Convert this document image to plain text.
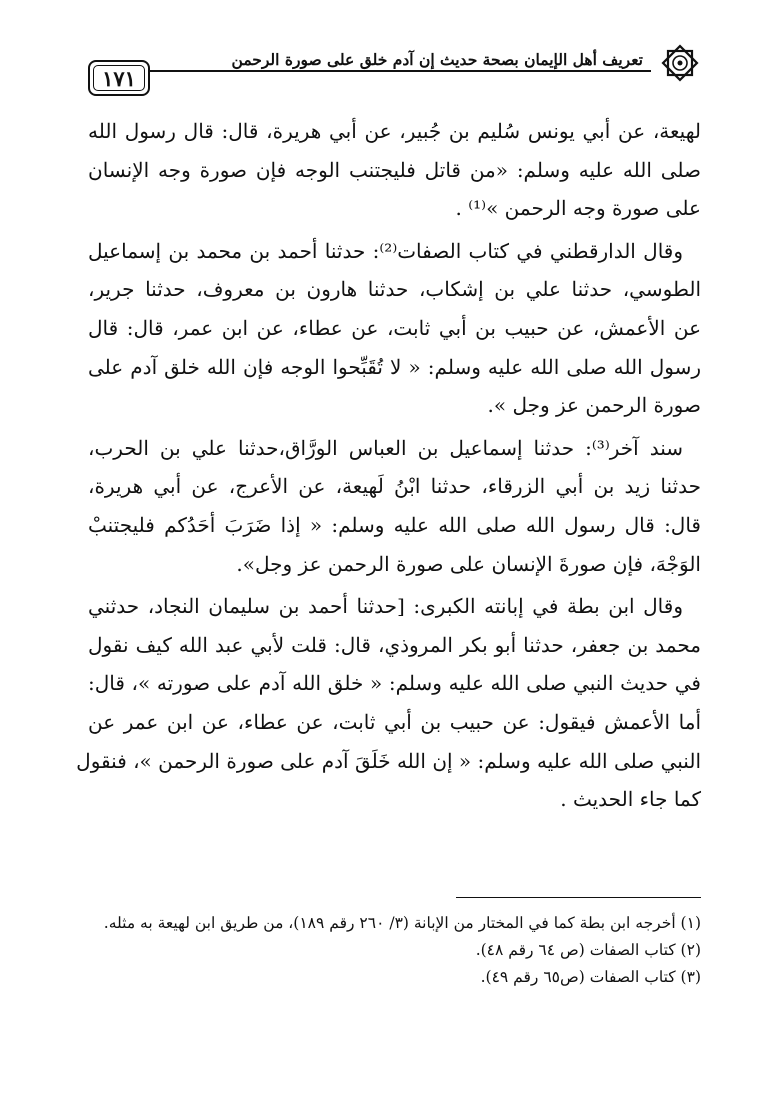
تعريف أهل الإيمان بصحة حديث إن آدم خلق على صورة الرحمن
١٧١
لهيعة، عن أبي يونس سُليم بن جُبير، عن أبي هريرة، قال: قال رسول الله
صلى الله عليه وسلم: «من قاتل فليجتنب الوجه فإن صورة وجه الإنسان
على صورة وجه الرحمن »⁽¹⁾ .
وقال الدارقطني في كتاب الصفات⁽²⁾: حدثنا أحمد بن محمد بن إسماعيل
الطوسي، حدثنا علي بن إشكاب، حدثنا هارون بن معروف، حدثنا جرير،
عن الأعمش، عن حبيب بن أبي ثابت، عن عطاء، عن ابن عمر، قال: قال
رسول الله صلى الله عليه وسلم: « لا تُقَبِّحوا الوجه فإن الله خلق آدم على
صورة الرحمن عز وجل ».
سند آخر⁽³⁾: حدثنا إسماعيل بن العباس الورَّاق،حدثنا علي بن الحرب،
حدثنا زيد بن أبي الزرقاء، حدثنا ابْنُ لَهيعة، عن الأعرج، عن أبي هريرة،
قال: قال رسول الله صلى الله عليه وسلم: « إذا ضَرَبَ أحَدُكم فليجتنبْ
الوَجْهَ، فإن صورةَ الإنسان على صورة الرحمن عز وجل».
وقال ابن بطة في إبانته الكبرى: [حدثنا أحمد بن سليمان النجاد، حدثني
محمد بن جعفر، حدثنا أبو بكر المروذي، قال: قلت لأبي عبد الله كيف نقول
في حديث النبي صلى الله عليه وسلم: « خلق الله آدم على صورته »، قال:
أما الأعمش فيقول: عن حبيب بن أبي ثابت، عن عطاء، عن ابن عمر عن
النبي صلى الله عليه وسلم: « إن الله خَلَقَ آدم على صورة الرحمن »، فنقول
كما جاء الحديث .
(١) أخرجه ابن بطة كما في المختار من الإبانة (٣/ ٢٦٠ رقم ١٨٩)، من طريق ابن لهيعة به مثله.
(٢) كتاب الصفات (ص ٦٤ رقم ٤٨).
(٣) كتاب الصفات (ص٦٥ رقم ٤٩).
